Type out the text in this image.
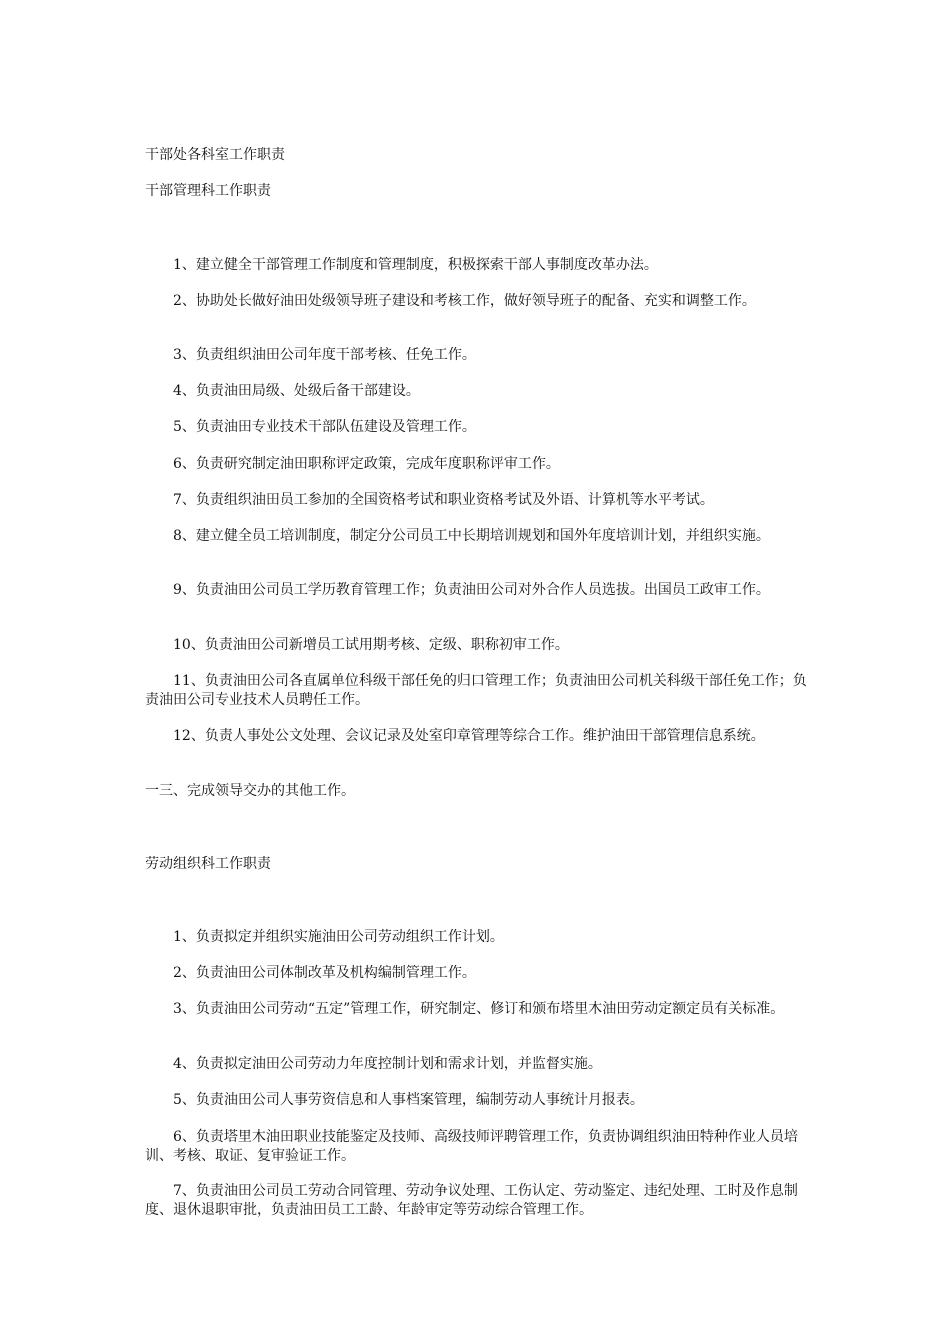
干部处各科室工作职责
干部管理科工作职责
1、建立健全干部管理工作制度和管理制度，积极探索干部人事制度改革办法。
2、协助处长做好油田处级领导班子建设和考核工作，做好领导班子的配备、充实和调整工作。
3、负责组织油田公司年度干部考核、任免工作。
4、负责油田局级、处级后备干部建设。
5、负责油田专业技术干部队伍建设及管理工作。
6、负责研究制定油田职称评定政策，完成年度职称评审工作。
7、负责组织油田员工参加的全国资格考试和职业资格考试及外语、计算机等水平考试。
8、建立健全员工培训制度，制定分公司员工中长期培训规划和国外年度培训计划，并组织实施。
9、负责油田公司员工学历教育管理工作；负责油田公司对外合作人员选拔。出国员工政审工作。
10、负责油田公司新增员工试用期考核、定级、职称初审工作。
11、负责油田公司各直属单位科级干部任免的归口管理工作；负责油田公司机关科级干部任免工作；负责油田公司专业技术人员聘任工作。
12、负责人事处公文处理、会议记录及处室印章管理等综合工作。维护油田干部管理信息系统。
一三、完成领导交办的其他工作。
劳动组织科工作职责
1、负责拟定并组织实施油田公司劳动组织工作计划。
2、负责油田公司体制改革及机构编制管理工作。
3、负责油田公司劳动“五定”管理工作，研究制定、修订和颁布塔里木油田劳动定额定员有关标准。
4、负责拟定油田公司劳动力年度控制计划和需求计划，并监督实施。
5、负责油田公司人事劳资信息和人事档案管理，编制劳动人事统计月报表。
6、负责塔里木油田职业技能鉴定及技师、高级技师评聘管理工作，负责协调组织油田特种作业人员培训、考核、取证、复审验证工作。
7、负责油田公司员工劳动合同管理、劳动争议处理、工伤认定、劳动鉴定、违纪处理、工时及作息制度、退休退职审批，负责油田员工工龄、年龄审定等劳动综合管理工作。
